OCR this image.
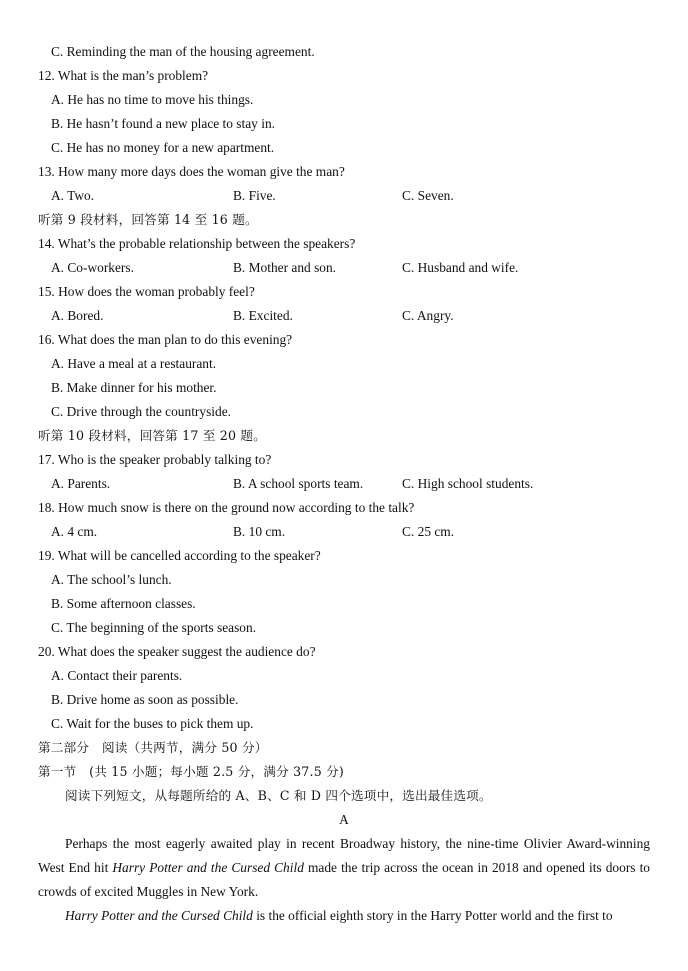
C. Reminding the man of the housing agreement.
12. What is the man’s problem?
A. He has no time to move his things.
B. He hasn’t found a new place to stay in.
C. He has no money for a new apartment.
13. How many more days does the woman give the man?
A. Two.	B. Five.	C. Seven.
听第 9 段材料，回答第 14 至 16 题。
14. What’s the probable relationship between the speakers?
A. Co-workers.	B. Mother and son.	C. Husband and wife.
15. How does the woman probably feel?
A. Bored.	B. Excited.	C. Angry.
16. What does the man plan to do this evening?
A. Have a meal at a restaurant.
B. Make dinner for his mother.
C. Drive through the countryside.
听第 10 段材料，回答第 17 至 20 题。
17. Who is the speaker probably talking to?
A. Parents.	B. A school sports team.	C. High school students.
18. How much snow is there on the ground now according to the talk?
A. 4 cm.	B. 10 cm.	C. 25 cm.
19. What will be cancelled according to the speaker?
A. The school’s lunch.
B. Some afternoon classes.
C. The beginning of the sports season.
20. What does the speaker suggest the audience do?
A. Contact their parents.
B. Drive home as soon as possible.
C. Wait for the buses to pick them up.
第二部分　阅读（共两节，满分 50 分）
第一节　(共 15 小题；每小题 2.5 分，满分 37.5 分)
阅读下列短文，从每题所给的 A、B、C 和 D 四个选项中，选出最佳选项。
A
Perhaps the most eagerly awaited play in recent Broadway history, the nine-time Olivier Award-winning West End hit Harry Potter and the Cursed Child made the trip across the ocean in 2018 and opened its doors to crowds of excited Muggles in New York.
Harry Potter and the Cursed Child is the official eighth story in the Harry Potter world and the first to
